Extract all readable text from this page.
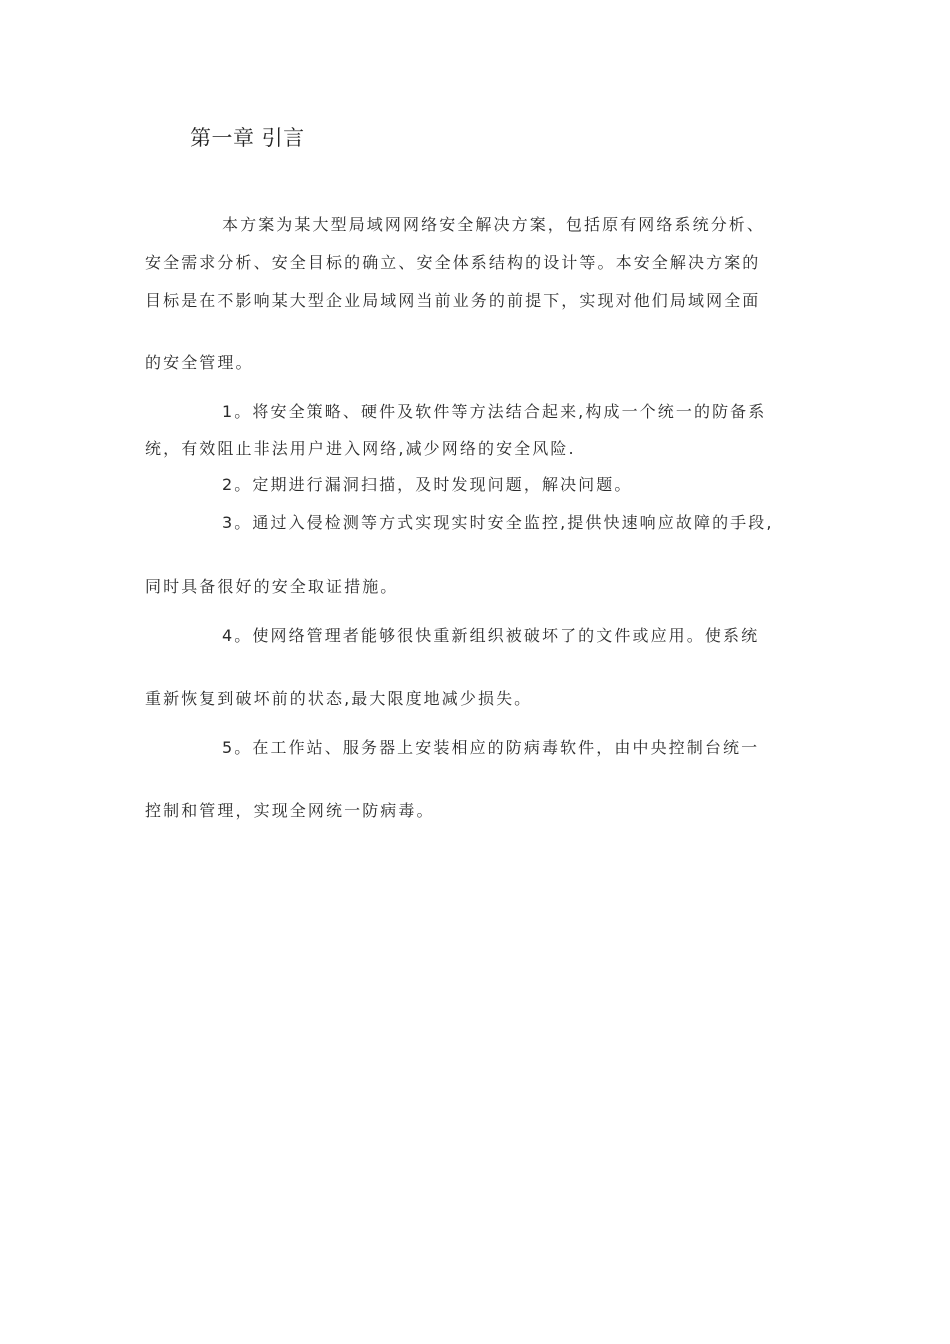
第一章 引言

本方案为某大型局域网网络安全解决方案，包括原有网络系统分析、

安全需求分析、安全目标的确立、安全体系结构的设计等。本安全解决方案的

目标是在不影响某大型企业局域网当前业务的前提下，实现对他们局域网全面

的安全管理。

1。将安全策略、硬件及软件等方法结合起来,构成一个统一的防备系

统，有效阻止非法用户进入网络,减少网络的安全风险.

2。定期进行漏洞扫描，及时发现问题，解决问题。

3。通过入侵检测等方式实现实时安全监控,提供快速响应故障的手段,

同时具备很好的安全取证措施。

4。使网络管理者能够很快重新组织被破坏了的文件或应用。使系统

重新恢复到破坏前的状态,最大限度地减少损失。

5。在工作站、服务器上安装相应的防病毒软件，由中央控制台统一

控制和管理，实现全网统一防病毒。
